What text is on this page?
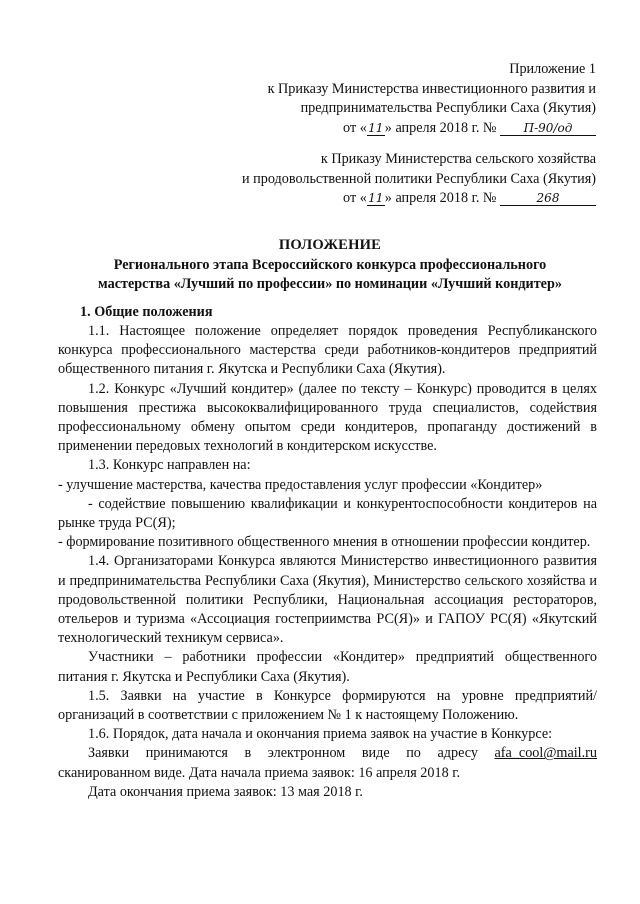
Приложение 1
к Приказу Министерства инвестиционного развития и
предпринимательства Республики Саха (Якутия)
от «11» апреля 2018 г. № П-90/од
к Приказу Министерства сельского хозяйства
и продовольственной политики Республики Саха (Якутия)
от «11» апреля 2018 г. №	268
ПОЛОЖЕНИЕ
Регионального этапа Всероссийского конкурса профессионального
мастерства «Лучший по профессии» по номинации «Лучший кондитер»
1. Общие положения

1.1. Настоящее положение определяет порядок проведения Республиканского конкурса профессионального мастерства среди работников-кондитеров предприятий общественного питания г. Якутска и Республики Саха (Якутия).

1.2. Конкурс «Лучший кондитер» (далее по тексту – Конкурс) проводится в целях повышения престижа высококвалифицированного труда специалистов, содействия профессиональному обмену опытом среди кондитеров, пропаганду достижений в применении передовых технологий в кондитерском искусстве.

1.3. Конкурс направлен на:

- улучшение мастерства, качества предоставления услуг профессии «Кондитер»

- содействие повышению квалификации и конкурентоспособности кондитеров на рынке труда РС(Я);

- формирование позитивного общественного мнения в отношении профессии кондитер.

1.4. Организаторами Конкурса являются Министерство инвестиционного развития и предпринимательства Республики Саха (Якутия), Министерство сельского хозяйства и продовольственной политики Республики, Национальная ассоциация рестораторов, отельеров и туризма «Ассоциация гостеприимства РС(Я)» и ГАПОУ РС(Я) «Якутский технологический техникум сервиса».

Участники – работники профессии «Кондитер» предприятий общественного питания г. Якутска и Республики Саха (Якутия).

1.5. Заявки на участие в Конкурсе формируются на уровне предприятий/организаций в соответствии с приложением № 1 к настоящему Положению.

1.6. Порядок, дата начала и окончания приема заявок на участие в Конкурсе:

Заявки принимаются в электронном виде по адресу afa_cool@mail.ru сканированном виде. Дата начала приема заявок: 16 апреля 2018 г.

Дата окончания приема заявок: 13 мая 2018 г.
